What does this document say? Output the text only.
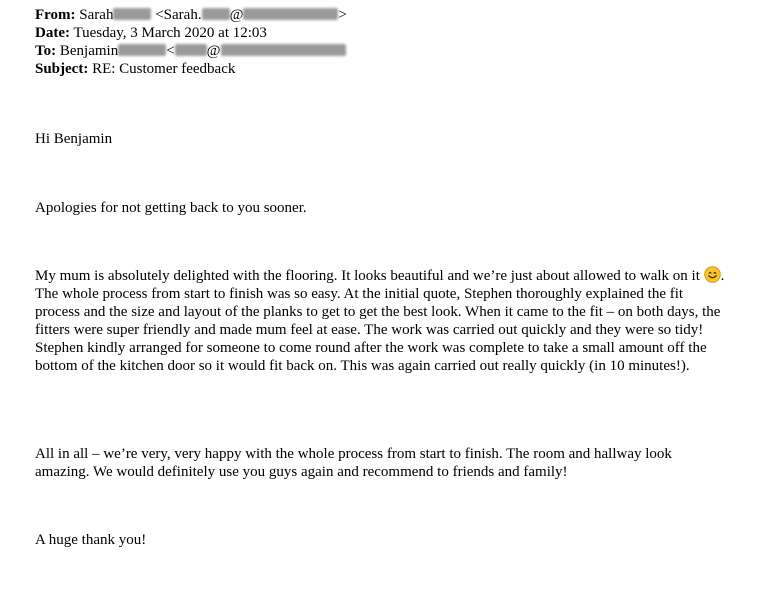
From: Sarah	<Sarah. @	>
Date: Tuesday, 3 March 2020 at 12:03
To: Benjamin	< @
Subject: RE: Customer feedback
Hi Benjamin
Apologies for not getting back to you sooner.
My mum is absolutely delighted with the flooring. It looks beautiful and we’re just about allowed to walk on it . The whole process from start to finish was so easy. At the initial quote, Stephen thoroughly explained the fit process and the size and layout of the planks to get to get the best look. When it came to the fit – on both days, the fitters were super friendly and made mum feel at ease. The work was carried out quickly and they were so tidy! Stephen kindly arranged for someone to come round after the work was complete to take a small amount off the bottom of the kitchen door so it would fit back on. This was again carried out really quickly (in 10 minutes!).
All in all – we’re very, very happy with the whole process from start to finish. The room and hallway look amazing. We would definitely use you guys again and recommend to friends and family!
A huge thank you!
